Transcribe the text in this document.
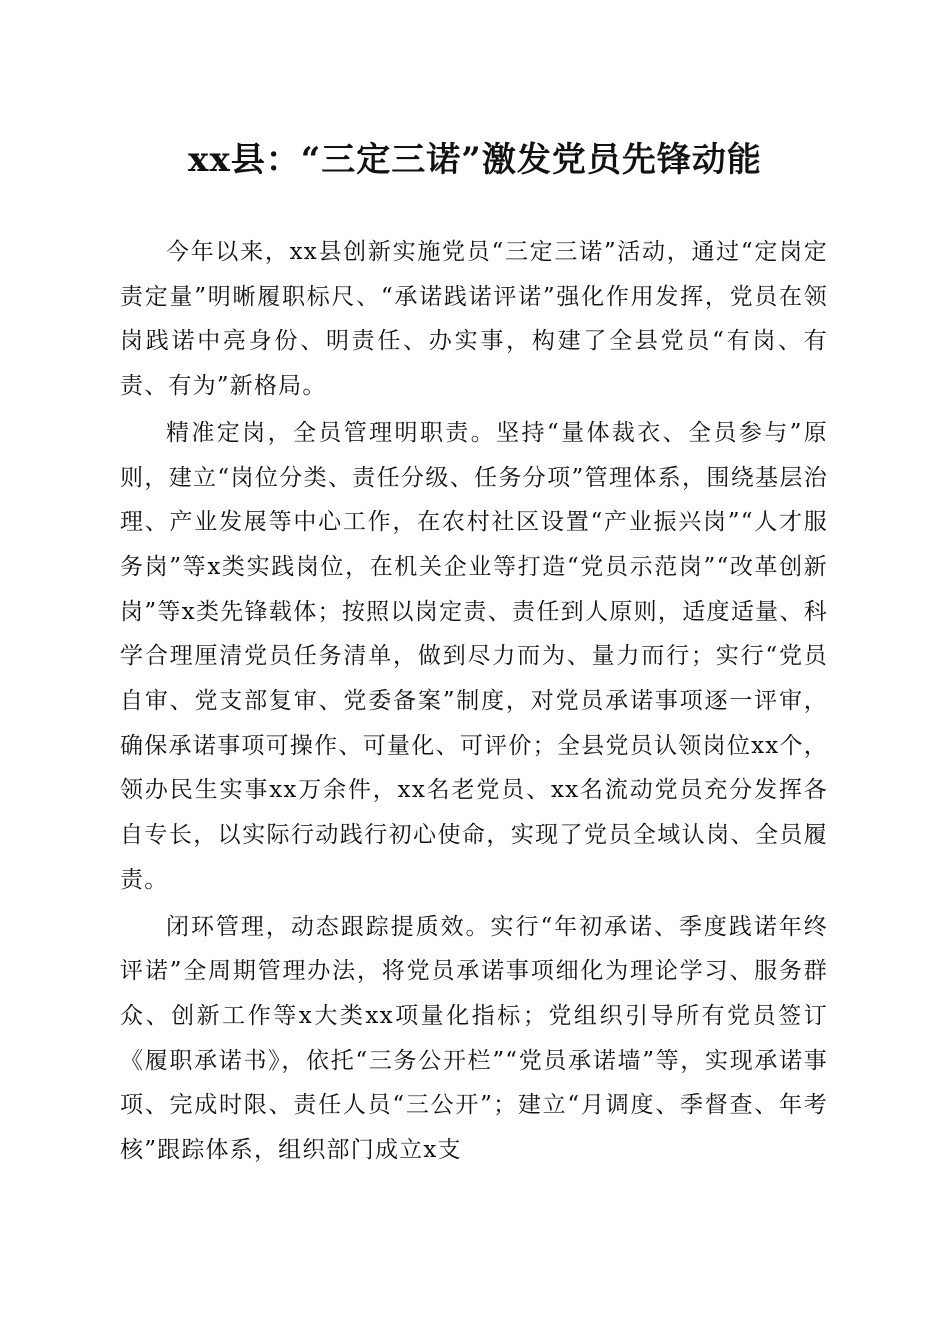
xx县：“三定三诺”激发党员先锋动能

今年以来，xx县创新实施党员“三定三诺”活动，通过“定岗定责定量”明晰履职标尺、“承诺践诺评诺”强化作用发挥，党员在领岗践诺中亮身份、明责任、办实事，构建了全县党员“有岗、有责、有为”新格局。

精准定岗，全员管理明职责。坚持“量体裁衣、全员参与”原则，建立“岗位分类、责任分级、任务分项”管理体系，围绕基层治理、产业发展等中心工作，在农村社区设置“产业振兴岗”“人才服务岗”等x类实践岗位，在机关企业等打造“党员示范岗”“改革创新岗”等x类先锋载体；按照以岗定责、责任到人原则，适度适量、科学合理厘清党员任务清单，做到尽力而为、量力而行；实行“党员自审、党支部复审、党委备案”制度，对党员承诺事项逐一评审，确保承诺事项可操作、可量化、可评价；全县党员认领岗位xx个，领办民生实事xx万余件，xx名老党员、xx名流动党员充分发挥各自专长，以实际行动践行初心使命，实现了党员全域认岗、全员履责。

闭环管理，动态跟踪提质效。实行“年初承诺、季度践诺年终评诺”全周期管理办法，将党员承诺事项细化为理论学习、服务群众、创新工作等x大类xx项量化指标；党组织引导所有党员签订《履职承诺书》，依托“三务公开栏”“党员承诺墙”等，实现承诺事项、完成时限、责任人员“三公开”；建立“月调度、季督查、年考核”跟踪体系，组织部门成立x支
